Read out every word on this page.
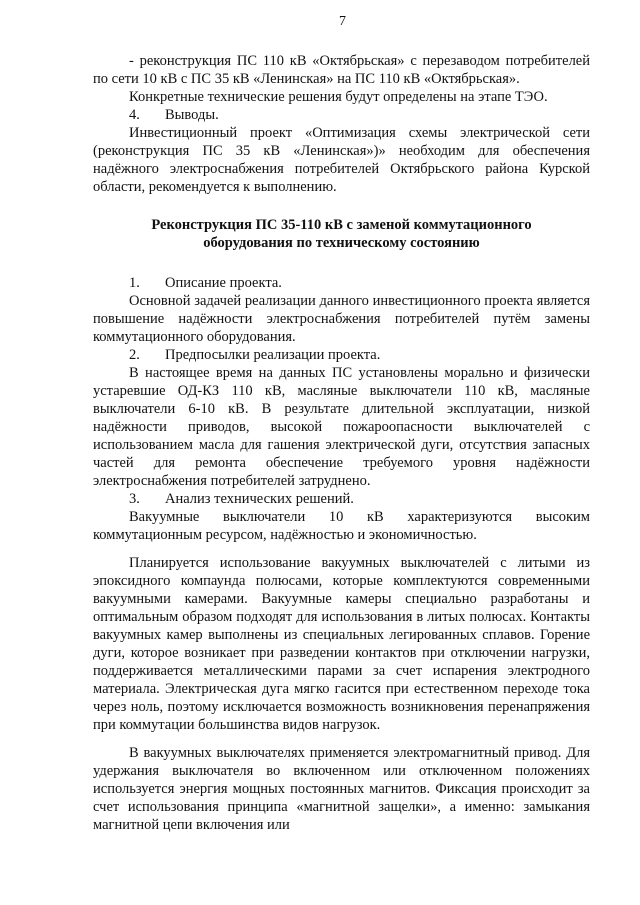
7

- реконструкция ПС 110 кВ «Октябрьская» с перезаводом потребителей по сети 10 кВ с ПС 35 кВ «Ленинская» на ПС 110 кВ «Октябрьская».

Конкретные технические решения будут определены на этапе ТЭО.

4. Выводы.

Инвестиционный проект «Оптимизация схемы электрической сети (реконструкция ПС 35 кВ «Ленинская»)» необходим для обеспечения надёжного электроснабжения потребителей Октябрьского района Курской области, рекомендуется к выполнению.

Реконструкция ПС 35-110 кВ с заменой коммутационного
оборудования по техническому состоянию

1. Описание проекта.

Основной задачей реализации данного инвестиционного проекта является повышение надёжности электроснабжения потребителей путём замены коммутационного оборудования.

2. Предпосылки реализации проекта.

В настоящее время на данных ПС установлены морально и физически устаревшие ОД-КЗ 110 кВ, масляные выключатели 110 кВ, масляные выключатели 6-10 кВ. В результате длительной эксплуатации, низкой надёжности приводов, высокой пожароопасности выключателей с использованием масла для гашения электрической дуги, отсутствия запасных частей для ремонта обеспечение требуемого уровня надёжности электроснабжения потребителей затруднено.

3. Анализ технических решений.

Вакуумные выключатели 10 кВ характеризуются высоким коммутационным ресурсом, надёжностью и экономичностью.

Планируется использование вакуумных выключателей с литыми из эпоксидного компаунда полюсами, которые комплектуются современными вакуумными камерами. Вакуумные камеры специально разработаны и оптимальным образом подходят для использования в литых полюсах. Контакты вакуумных камер выполнены из специальных легированных сплавов. Горение дуги, которое возникает при разведении контактов при отключении нагрузки, поддерживается металлическими парами за счет испарения электродного материала. Электрическая дуга мягко гасится при естественном переходе тока через ноль, поэтому исключается возможность возникновения перенапряжения при коммутации большинства видов нагрузок.

В вакуумных выключателях применяется электромагнитный привод. Для удержания выключателя во включенном или отключенном положениях используется энергия мощных постоянных магнитов. Фиксация происходит за счет использования принципа «магнитной защелки», а именно: замыкания магнитной цепи включения или
